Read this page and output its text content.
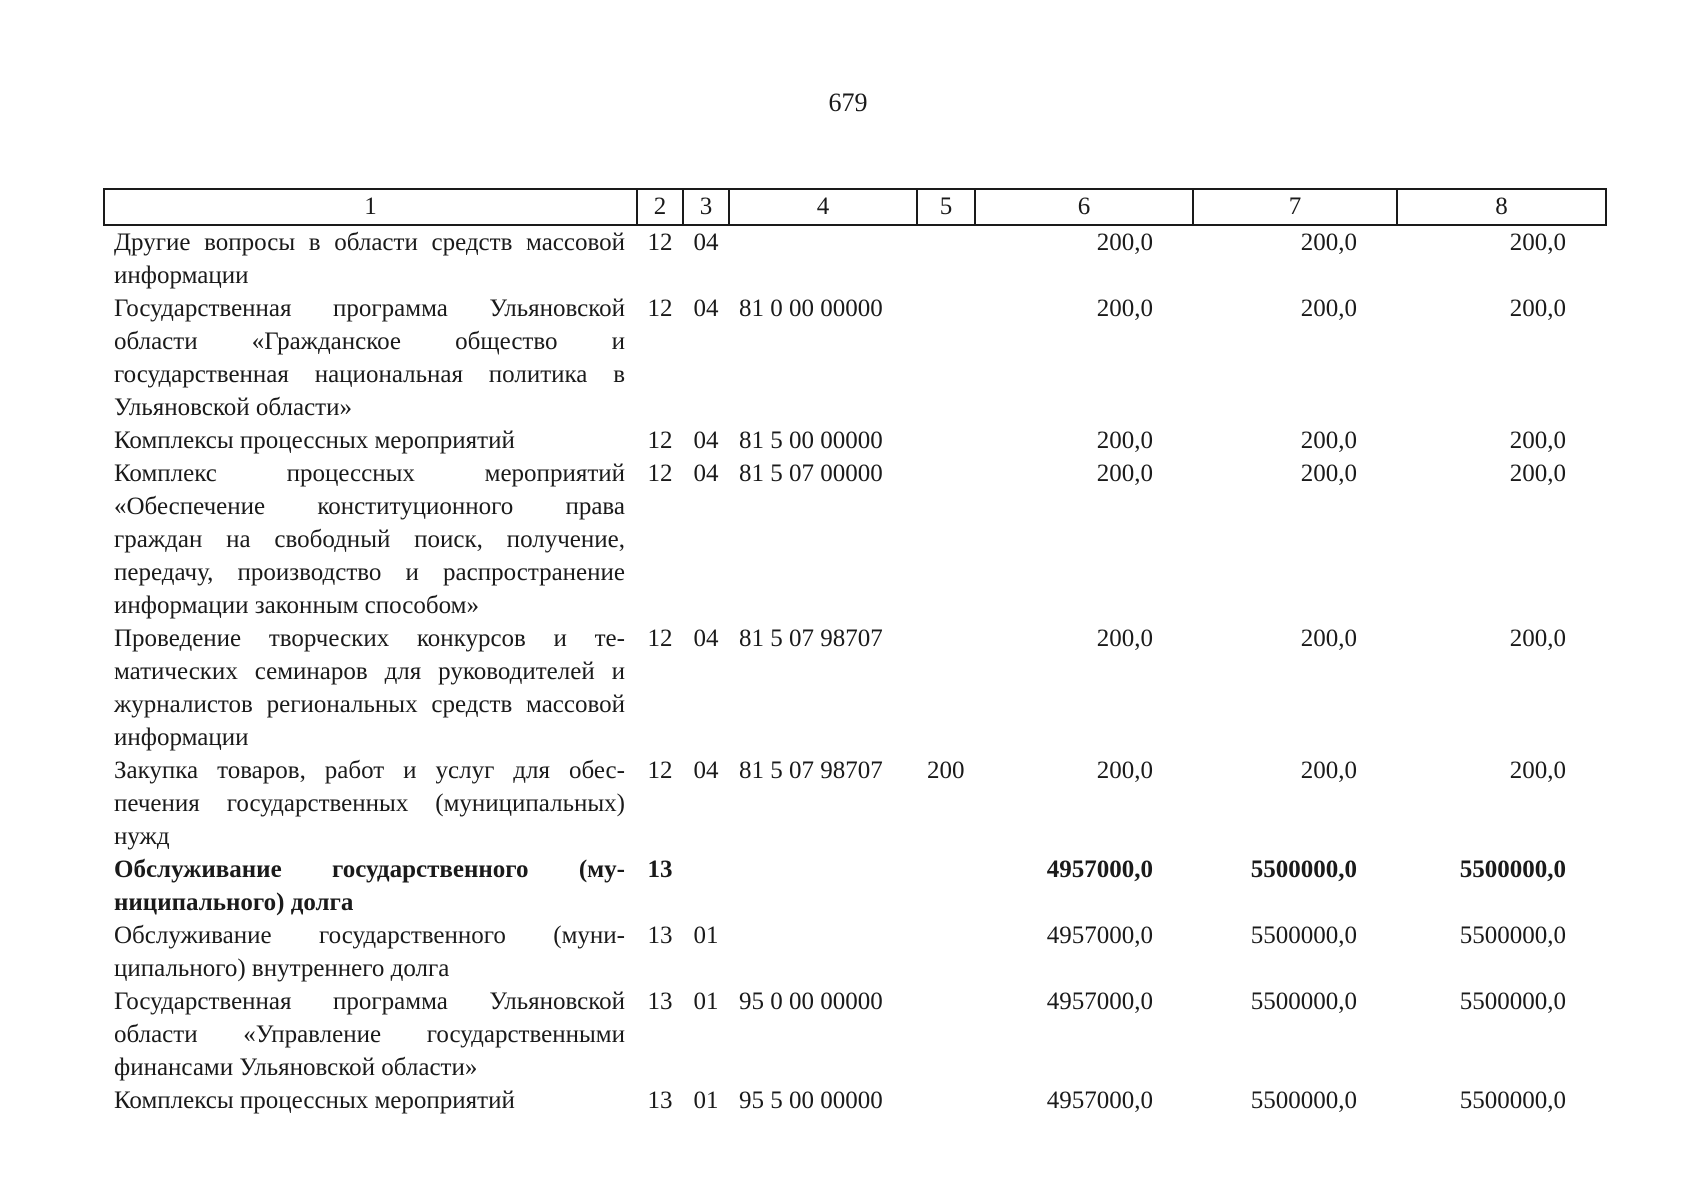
679
1	2	3	4	5	6	7	8
Другие вопросы в области средств массовой информации	12	04			200,0	200,0	200,0
Государственная программа Ульяновской области «Гражданское общество и государственная национальная политика в Ульяновской области»	12	04	81 0 00 00000		200,0	200,0	200,0
Комплексы процессных мероприятий	12	04	81 5 00 00000		200,0	200,0	200,0
Комплекс процессных мероприятий «Обеспечение конституционного права граждан на свободный поиск, получение, передачу, производство и распространение информации законным способом»	12	04	81 5 07 00000		200,0	200,0	200,0
Проведение творческих конкурсов и тематических семинаров для руководителей и журналистов региональных средств массовой информации	12	04	81 5 07 98707		200,0	200,0	200,0
Закупка товаров, работ и услуг для обеспечения государственных (муниципальных) нужд	12	04	81 5 07 98707	200	200,0	200,0	200,0
Обслуживание государственного (муниципального) долга	13				4957000,0	5500000,0	5500000,0
Обслуживание государственного (муниципального) внутреннего долга	13	01			4957000,0	5500000,0	5500000,0
Государственная программа Ульяновской области «Управление государственными финансами Ульяновской области»	13	01	95 0 00 00000		4957000,0	5500000,0	5500000,0
Комплексы процессных мероприятий	13	01	95 5 00 00000		4957000,0	5500000,0	5500000,0
